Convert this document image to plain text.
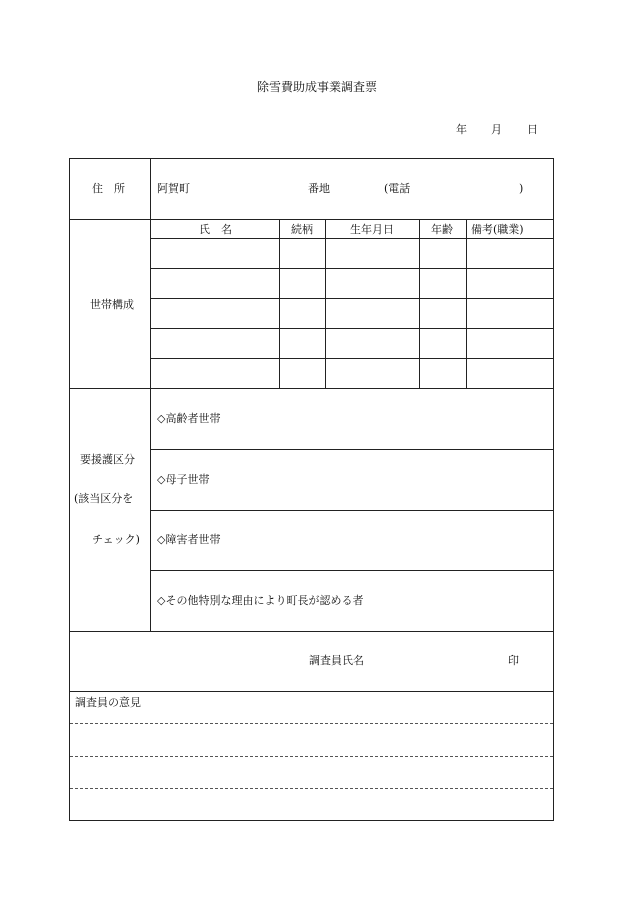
除雪費助成事業調査票
年 月 日
住　所	阿賀町	番地	(電話	)
世帯構成
氏　名	続柄	生年月日	年齢 備考(職業)
要援護区分
(該当区分を
チェック)
◇高齢者世帯
◇母子世帯
◇障害者世帯
◇その他特別な理由により町長が認める者
調査員氏名	印
調査員の意見
